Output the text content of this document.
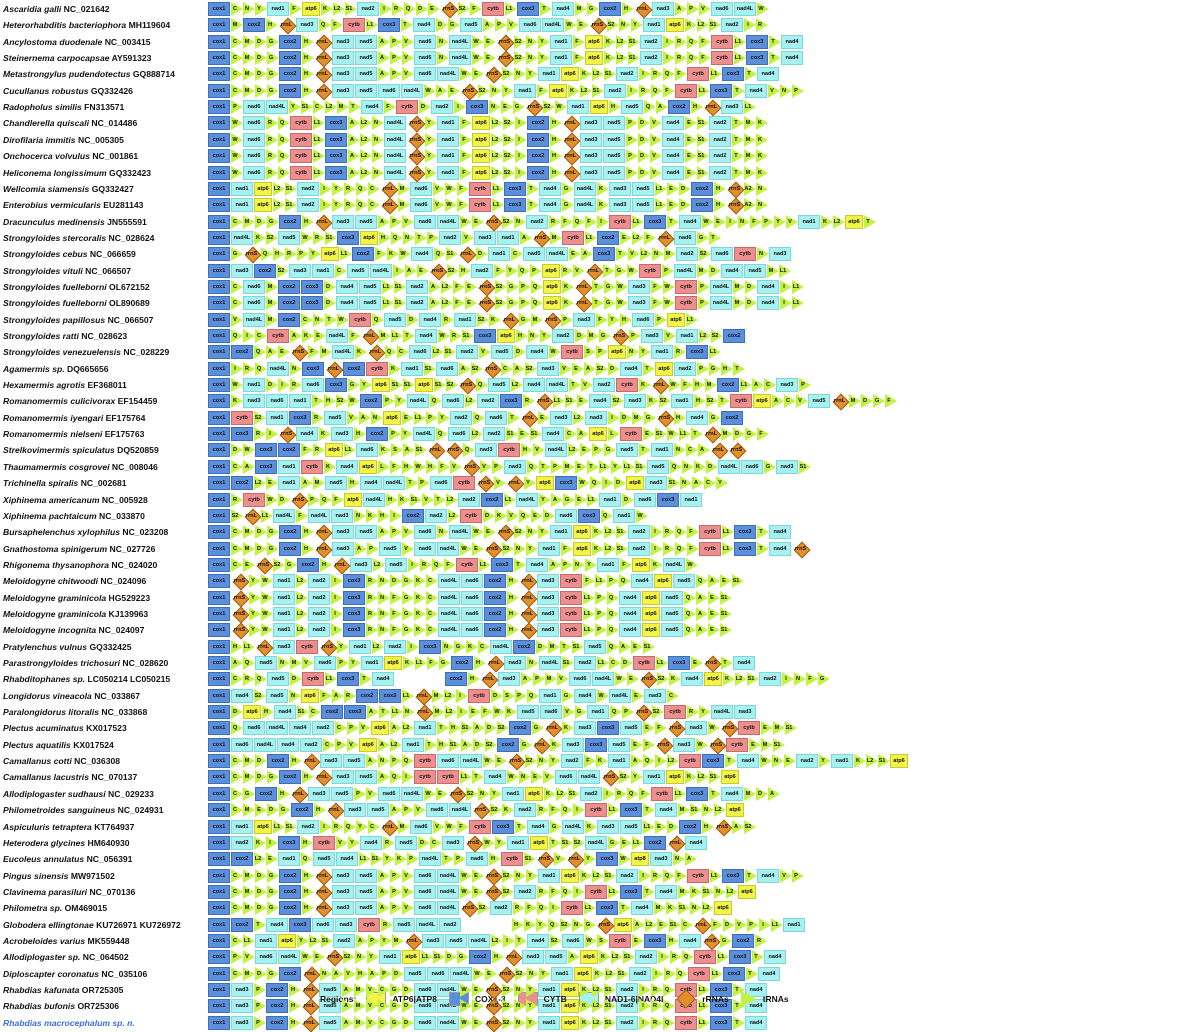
Ascaridia galli NC_021642	cox1 C N Y nad1 F atp6 K L2 S1 nad2 I R Q D E rrnS S2 F cytb L1 cox3 T nad4 M G cox2 H rrnL nad3 A P V nad6 nad4L W
Heterorhabditis bacteriophora MH119604	cox1 M cox2 H rrnL nad3 Q F cytb L1 cox3 T nad4 D G nad5 A P V nad6 nad4L W E rrnS S2 N Y nad1 atp6 K L2 S1 nad2 I R
Ancylostoma duodenale NC_003415	cox1 C M D G cox2 H rrnL nad3 nad5 A P V nad6 N nad4L W E rrnS S2 N Y nad1 F atp6 K L2 S1 nad2 I R Q F cytb L1 cox3 T nad4
Steinernema carpocapsae AY591323	cox1 C M D G cox2 H rrnL nad3 nad5 A P V nad6 N nad4L W E rrnS S2 N Y nad1 F atp6 K L2 S1 nad2 I R Q F cytb L1 cox3 T nad4
Metastrongylus pudendotectus GQ888714	cox1 C M D G cox2 H rrnL nad3 nad5 A P V nad6 nad4L W E rrnS S2 N Y nad1 atp6 K L2 S1 nad2 I R Q F cytb L1 cox3 T nad4
Cucullanus robustus GQ332426	cox1 C M D G cox2 H rrnL nad3 nad5 nad6 nad4L W A E rrnS S2 N Y nad1 F atp6 K L2 S1 nad2 I R Q F cytb L1 cox3 T nad4 V N P
Radopholus similis FN313571	cox1 P nad6 nad4L Y S1 C L2 M T nad4 F cytb D nad2 I cox3 N E G rrnS S2 W nad1 atp6 H nad5 Q A cox2 H rrnL nad3 L1
Chandlerella quiscali NC_014486	cox1 W nad6 R Q cytb L1 cox3 A L2 N nad4L rrnS Y nad1 F atp6 L2 S2 I cox2 H rrnL nad3 nad5 P D V nad4 E S1 nad2 T M K
Dirofilaria immitis NC_005305	cox1 W nad6 R Q cytb L1 cox3 A L2 N nad4L rrnS Y nad1 F atp6 L2 S2 I cox2 H rrnL nad3 nad5 P D V nad4 E S1 nad2 T M K
Onchocerca volvulus NC_001861	cox1 W nad6 R Q cytb L1 cox3 A L2 N nad4L rrnS Y nad1 F atp6 L2 S2 I cox2 H rrnL nad3 nad5 P D V nad4 E S1 nad2 T M K
Heliconema longissimum GQ332423	cox1 W nad6 R Q cytb L1 cox3 A L2 N nad4L rrnS Y nad1 F atp6 L2 S2 I cox2 H rrnL nad3 nad5 P D V nad4 E S1 nad2 T M K
Wellcomia siamensis GQ332427	cox1 nad1 atp6 L2 S1 nad2 I Y R Q C rrnL M nad6 V W F cytb L1 cox3 T nad4 G nad4L K nad3 nad5 L1 E D cox2 H rrnS A2 N
Enterobius vermicularis EU281143	cox1 nad1 atp6 L2 S1 nad2 I Y R Q C rrnL M nad6 V W F cytb L1 cox3 T nad4 G nad4L K nad3 nad5 L1 E D cox2 H rrnS A2 N
Dracunculus medinensis JN555591	cox1 C M D G cox2 H rrnL nad3 nad5 A P V nad6 nad4L W E rrnS S2 N nad2 R F Q F I cytb L1 cox3 T nad4 W E I N F P Y V nad1 K L2 atp6 T
Strongyloides stercoralis NC_028624	cox1 nad4L K S2 nad5 W R S1 cox3 atp6 H Q N T P nad2 V nad3 nad1 A rrnS M cytb L1 cox2 E L2 F rrnL nad6 G T
Strongyloides cebus NC_066659	cox1 G rrnS Q H R P Y atp6 L1 cox2 F K W nad4 Q S1 rrnL D nad1 C nad5 nad4L E A cox3 T V L2 N M nad2 S2 nad6 cytb N nad3
Strongyloides vituli NC_066507	cox1 nad3 cox2 S2 nad3 nad1 C nad5 nad4L I A E rrnS S2 H nad2 F Y Q P atp6 R V rrnL T G W cytb P nad4L M D nad4 nad5 M L1
Strongyloides fuelleborni OL672152	cox1 C nad6 M cox2 cox3 D nad4 nad5 L1 S1 nad2 A L2 F E rrnS S2 G P Q atp6 K rrnL T G W nad3 F W cytb P nad4L M D nad4 I L1
Strongyloides fuelleborni OL890689	cox1 C nad6 M cox2 cox3 D nad4 nad5 L1 S1 nad2 A L2 F E rrnS S2 G P Q atp6 K rrnL T G W nad3 F W cytb P nad4L M D nad4 I L1
Strongyloides papillosus NC_066507	cox1 V nad4L M cox2 C N T W cytb Q nad5 D nad4 R nad1 S2 K rrnL G M rrnS P nad3 F Y H nad6 P atp6 L1
Strongyloides ratti NC_028623	cox1 Q I C cytb A K E nad4L F rrnL M L1 T nad4 W R S1 cox3 atp6 H N Y nad2 D M G rrnS P nad3 V nad1 L2 S2 cox2
Strongyloides venezuelensis NC_028229	cox1 cox2 Q A E rrnS F M nad4L K rrnL Q C nad6 L2 S1 nad2 V nad5 D nad4 W cytb S P atp6 N Y nad1 R cox3 L1
Agamermis sp. DQ665656	cox1 I R Q nad4L N cox3 rrnL cox2 cytb K nad1 S1 nad6 A S2 rrnS C A S2 nad3 V E A S2 D nad4 T atp6 nad2 P G H T
Hexamermis agrotis EF368011	cox1 W nad1 D I R nad6 cox3 G Y atp6 S1 S1 atp6 S1 S2 rrnS Q nad5 L2 nad4 nad4L T V nad2 cytb K rrnL W F H M cox2 L1 A C nad3 P
Romanomermis culicivorax EF154459	cox1 K nad3 nad6 nad1 T H S2 W cox2 P Y nad4L Q nad6 L2 nad2 cox3 R rrnS L1 S1 E nad4 S2 nad3 K S2 nad1 H S2 T cytb atp6 A C V nad5 rrnL M D G F
Romanomermis iyengari EF175764	cox1 cytb S2 nad1 cox3 R nad5 V A N atp6 E L1 P Y nad2 Q nad6 T rrnL E nad3 L2 nad3 I D M G rrnS H nad4 G cox2
Romanomermis nielseni EF175763	cox1 cox3 R I rrnS nad4 K nad3 H cox2 P Y nad4L Q nad6 L2 nad2 S1 E S1 nad4 C A atp6 L cytb E S1 W L1 T rrnL M D G F
Strelkovimermis spiculatus DQ520859	cox1 D W cox3 cox2 F R atp6 L1 nad6 K S A S1 rrnL rrnS Q nad3 cytb H V nad4L L2 E P G nad5 T nad1 N C A rrnL rrnS
Thaumamermis cosgrovei NC_008046	cox1 C A cox3 nad1 cytb K nad4 atp6 L F H W H F V rrnS V P nad3 Q T P M E T L1 Y L1 S1 nad5 Q N K D nad4L nad6 G nad3 S1
Trichinella spiralis NC_002681	cox1 cox2 L2 E nad1 A M nad5 H nad4 nad4L T P nad6 cytb rrnS V rrnL Y atp6 cox3 W Q I D atp8 nad3 S1 N A C Y
Xiphinema americanum NC_005928	cox1 R cytb W D rrnS P Q F atp6 nad4L H K S1 V T L2 nad2 cox2 L1 nad4L Y A G E L1 nad1 D nad6 cox3 nad1
Xiphinema pachtaicum NC_033870	cox1 S2 rrnL L1 nad4L F nad4L nad3 N K H I cox2 nad2 L2 cytb D K V Q E D nad6 cox3 Q nad1 W
Bursaphelenchus xylophilus NC_023208	cox1 C M D G cox2 H rrnL nad3 nad5 A P V nad6 N nad4L W E rrnS S2 N Y nad1 atp6 K L2 S1 nad2 I R Q F cytb L1 cox3 T nad4
Gnathostoma spinigerum NC_027726	cox1 C M D G cox2 H rrnL nad3 A P nad5 V nad6 nad4L W E rrnS S2 N Y nad1 F atp6 K L2 S1 nad2 I R Q F cytb L1 cox3 T nad4 rrnS
Rhigonema thysanophora NC_024020	cox1 C E rrnS S2 G cox2 H rrnL nad3 L2 nad5 I R Q F cytb L1 cox3 T nad4 A P N Y nad1 F atp6 K nad4L W
Meloidogyne chitwoodi NC_024096	cox1 rrnS Y W nad1 L2 nad2 I cox3 R N D G K C nad4L nad6 cox2 H rrnL nad3 cytb F L1 P Q nad4 atp6 nad5 Q A E S1
Meloidogyne graminicola HG529223	cox1 rrnS Y W nad1 L2 nad2 I cox3 R N F G K C nad4L nad6 cox2 H rrnL nad3 cytb L1 P Q nad4 atp6 nad5 Q A E S1
Meloidogyne graminicola KJ139963	cox1 rrnS Y W nad1 L2 nad2 I cox3 R N F G K C nad4L nad6 cox2 H rrnL nad3 cytb L1 P Q nad4 atp6 nad5 Q A E S1
Meloidogyne incognita NC_024097	cox1 rrnS Y W nad1 L2 nad2 I cox3 R N F G K C nad4L nad6 cox2 H rrnL nad3 cytb L1 P Q nad4 atp6 nad5 Q A E S1
Pratylenchus vulnus GQ332425	cox1 H L1 rrnL nad3 cytb rrnS Y nad1 L2 nad2 I cox3 N G K C nad4L cox2 D M T S1 nad5 Q A E S1
Parastrongyloides trichosuri NC_028620	cox1 A Q nad5 N M V nad6 P Y nad1 atp6 K L1 F G cox2 H rrnL nad3 N nad4L S1 nad2 L1 C D cytb L1 cox3 E rrnS T nad4
Rhabditophanes sp. LC050214 LC050215	cox1 C R Q nad5 D cytb L1 cox3 T nad4	cox2 H rrnL nad3 A P M V nad6 nad4L W E rrnS S2 K nad4 atp6 K L2 S1 nad2 I N F G
Longidorus vineacola NC_033867	cox1 nad4 S2 nad5 N atp6 F A R cox2 cox3 L1 rrnL M L2 I cytb D S P Q nad1 G nad4 W nad4L E nad3 C
Paralongidorus litoralis NC_033868	cox1 D atp6 H nad4 S1 C cox2 cox3 A T L1 N rrnL M L2 I E F W K nad5 nad6 V G nad1 Q P rrnS S2 cytb R Y nad4L nad3
Plectus acuminatus KX017523	cox1 Q nad6 nad4L nad4 nad2 C P V atp6 A L2 nad1 T H S1 A D S2 cox2 G rrnL K nad3 cox3 nad5 E F rrnS nad3 W rrnS cytb E M S1
Plectus aquatilis KX017524	cox1 nad6 nad4L nad4 nad2 C P V atp6 A L2 nad1 T H S1 A D S2 cox2 G rrnL K nad3 cox3 nad5 E F rrnS nad3 W rrnS cytb E M S1
Camallanus cotti NC_036308	cox1 C M D cox2 H rrnL nad3 nad5 A N P Q cytb nad6 nad4L W E rrnS S2 N Y nad2 F K nad1 A Q I L2 cytb cox3 T nad4 W N E nad2 Y nad1 K L2 S1 atp6
Camallanus lacustris NC_070137	cox1 C M D G cox2 H rrnL nad3 nad5 A Q I cytb cytb L1 T nad4 W N E V nad6 nad4L rrnS S2 Y nad1 atp6 K L2 S1 atp6
Allodiplogaster sudhausi NC_029233	cox1 C G cox2 H rrnL nad3 nad5 P V nad6 nad4L W E rrnS S2 N Y nad1 atp6 K L2 S1 nad2 I R Q F cytb L1 cox3 T nad4 M D A
Philometroides sanguineus NC_024931	cox1 C M E D G cox2 H rrnL nad3 nad5 A P V nad6 nad4L rrnS S2 K nad2 R F Q I cytb L1 cox3 T nad4 M S1 N L2 atp6
Aspiculuris tetraptera KT764937	cox1 nad1 atp6 L1 S1 nad2 I R Q Y C rrnL M nad6 V W F cytb cox3 T nad4 G nad4L K nad3 nad5 L1 E D cox2 H rrnS A S2
Heterodera glycines HM640930	cox1 nad2 K I cox3 H cytb V Y nad4 R nad5 D C nad3 rrnS W Y nad1 atp6 T S1 S2 nad4L G E L1 cox2 rrnL nad4
Eucoleus annulatus NC_056391	cox1 cox2 L2 E nad1 Q nad5 nad4 L1 S1 Y K P nad4L T P nad6 H cytb S1 rrnS V rrnL Y cox3 W atp8 nad3 N A
Pingus sinensis MW971502	cox1 C M D G cox2 H rrnL nad3 nad5 A P V nad6 nad4L W E rrnS S2 N Y nad1 atp6 K L2 S1 nad2 I R Q F cytb L1 cox3 T nad4 V P
Clavinema parasiluri NC_070136	cox1 C M D G cox2 H rrnL nad3 nad5 A P V nad6 nad4L W E rrnS S2 nad2 R F Q I cytb L1 cox3 T nad4 M K S1 N L2 atp6
Philometra sp. OM469015	cox1 C M D G cox2 H rrnL nad3 nad5 A P V nad6 nad4L rrnS S2 nad2 R F Q I cytb L1 cox3 T nad4 M K S1 N L2 atp6
Globodera ellingtonae KU726971 KU726972	cox1 cox2 T nad4 cox3 nad6 nad3 cytb R nad5 nad4L nad2	H K Y Q S2 N G rrnS atp6 A L2 E S1 C rrnL F D V P I L1 nad1
Acrobeloides varius MK559448	cox1 C L1 nad1 atp6 Y L2 S1 nad2 A P Y M rrnL nad3 nad5 nad4L L2 I T nad4 S2 nad6 W S cytb E cox3 H nad4 rrnS G cox2 R
Allodiplogaster sp. NC_064502	cox1 P V nad6 nad4L W E rrnS S2 N Y nad1 atp6 L1 S1 D G cox2 H rrnL nad3 nad5 A atp6 K L2 S1 nad2 I R Q cytb L1 cox3 T nad4
Diploscapter coronatus NC_035106	cox1 C M D G cox2 rrnL N A V H A P D nad5 nad6 nad4L W E rrnS S2 N Y nad1 atp6 K L2 S1 nad2 I R Q cytb L1 cox3 T nad4
Rhabdias kafunata OR725305	cox1 nad3 P cox2 H rrnL nad5 A M V C G D nad6 nad4L W E rrnS S2 N Y nad1 atp6 K L2 S1 nad2 I R Q	L1 cox3 T nad4
Rhabdias bufonis OR725306	cox1 nad3 P cox2 H rrnL nad5 A M V C G D nad6 nad4L W E rrnS S2 N Y nad1 atp6 K L2 S1 nad2 I R Q	L1 cox3 T nad4
Rhabdias macrocephalum sp. n.	cox1 nad3 P cox2 H rrnL nad5 A M V C G D nad6 nad4L W E rrnS S2 N Y nad1 atp6 K L2 S1 nad2 I R Q cytb L1 cox3 T nad4
Regions:	ATP6|ATP8	COX1-3	CYTB	NAD1-6|NAD4L	rRNAs	tRNAs
